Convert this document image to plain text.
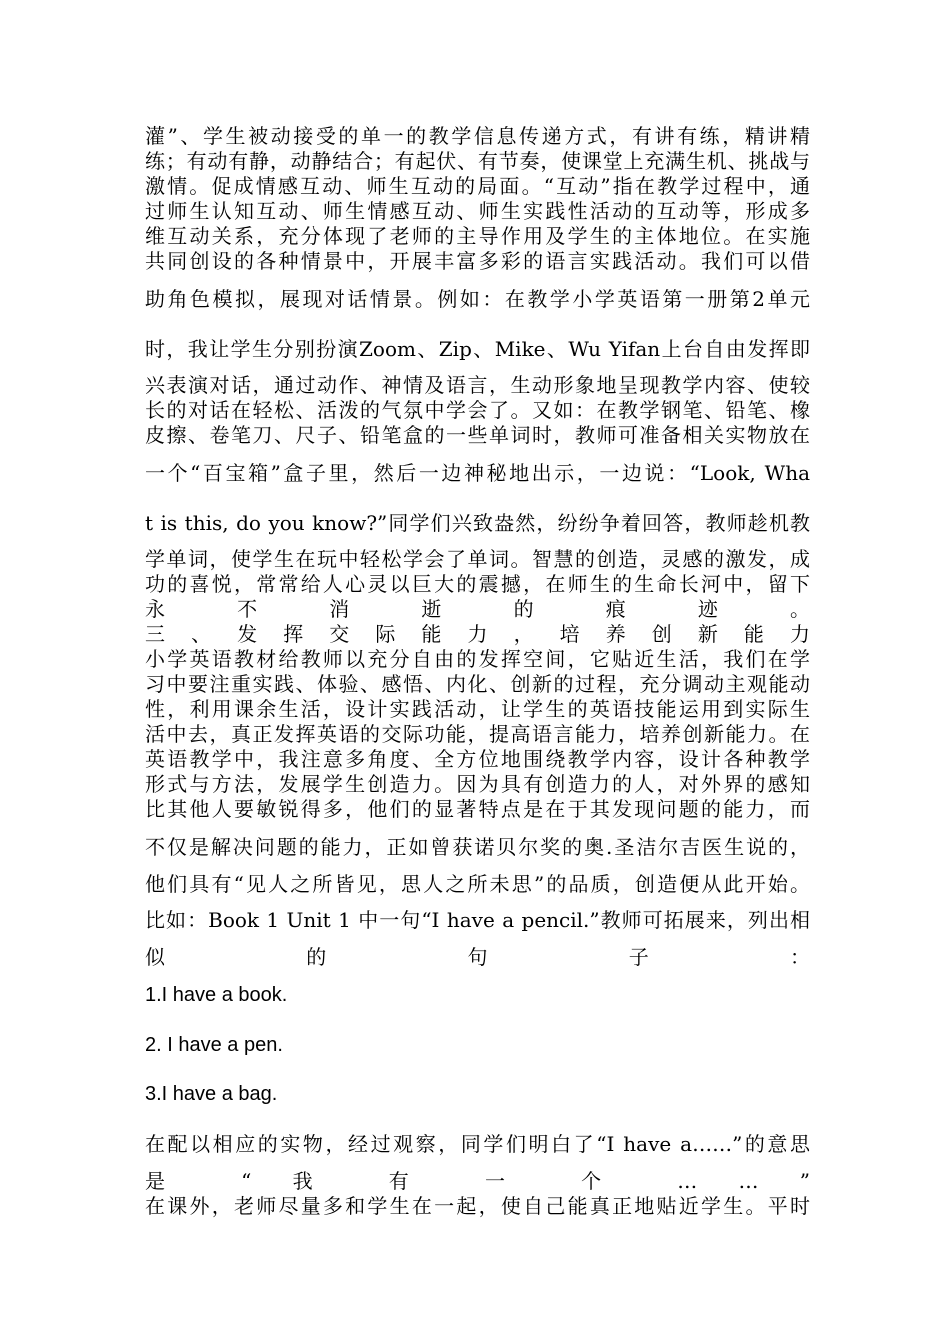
灌”、学生被动接受的单一的教学信息传递方式，有讲有练，精讲精
练；有动有静，动静结合；有起伏、有节奏，使课堂上充满生机、挑战与
激情。促成情感互动、师生互动的局面。“互动”指在教学过程中，通
过师生认知互动、师生情感互动、师生实践性活动的互动等，形成多
维互动关系，充分体现了老师的主导作用及学生的主体地位。在实施
共同创设的各种情景中，开展丰富多彩的语言实践活动。我们可以借
助角色模拟，展现对话情景。例如：在教学小学英语第一册第2单元
时，我让学生分别扮演Zoom、Zip、Mike、Wu Yifan上台自由发挥即
兴表演对话，通过动作、神情及语言，生动形象地呈现教学内容、使较
长的对话在轻松、活泼的气氛中学会了。又如：在教学钢笔、铅笔、橡
皮擦、卷笔刀、尺子、铅笔盒的一些单词时，教师可准备相关实物放在
一个“百宝箱”盒子里，然后一边神秘地出示，一边说：“Look, Wha
t is this, do you know?”同学们兴致盎然，纷纷争着回答，教师趁机教
学单词，使学生在玩中轻松学会了单词。智慧的创造，灵感的激发，成
功的喜悦，常常给人心灵以巨大的震撼，在师生的生命长河中，留下
永 不 消 逝 的 痕 迹 。
三 、 发 挥 交 际 能 力 ， 培 养 创 新 能 力
小学英语教材给教师以充分自由的发挥空间，它贴近生活，我们在学
习中要注重实践、体验、感悟、内化、创新的过程，充分调动主观能动
性，利用课余生活，设计实践活动，让学生的英语技能运用到实际生
活中去，真正发挥英语的交际功能，提高语言能力，培养创新能力。在
英语教学中，我注意多角度、全方位地围绕教学内容，设计各种教学
形式与方法，发展学生创造力。因为具有创造力的人，对外界的感知
比其他人要敏锐得多，他们的显著特点是在于其发现问题的能力，而
不仅是解决问题的能力，正如曾获诺贝尔奖的奥.圣洁尔吉医生说的，
他们具有“见人之所皆见，思人之所未思”的品质，创造便从此开始。
比如：Book 1 Unit 1 中一句“I have a pencil.”教师可拓展来，列出相
似 的 句 子 ：
1.I have a book.
2. I have a pen.
3.I have a bag.
在配以相应的实物，经过观察，同学们明白了“I have a……”的意思
是 “ 我 有 一 个 … … ”
在课外，老师尽量多和学生在一起，使自己能真正地贴近学生。平时
